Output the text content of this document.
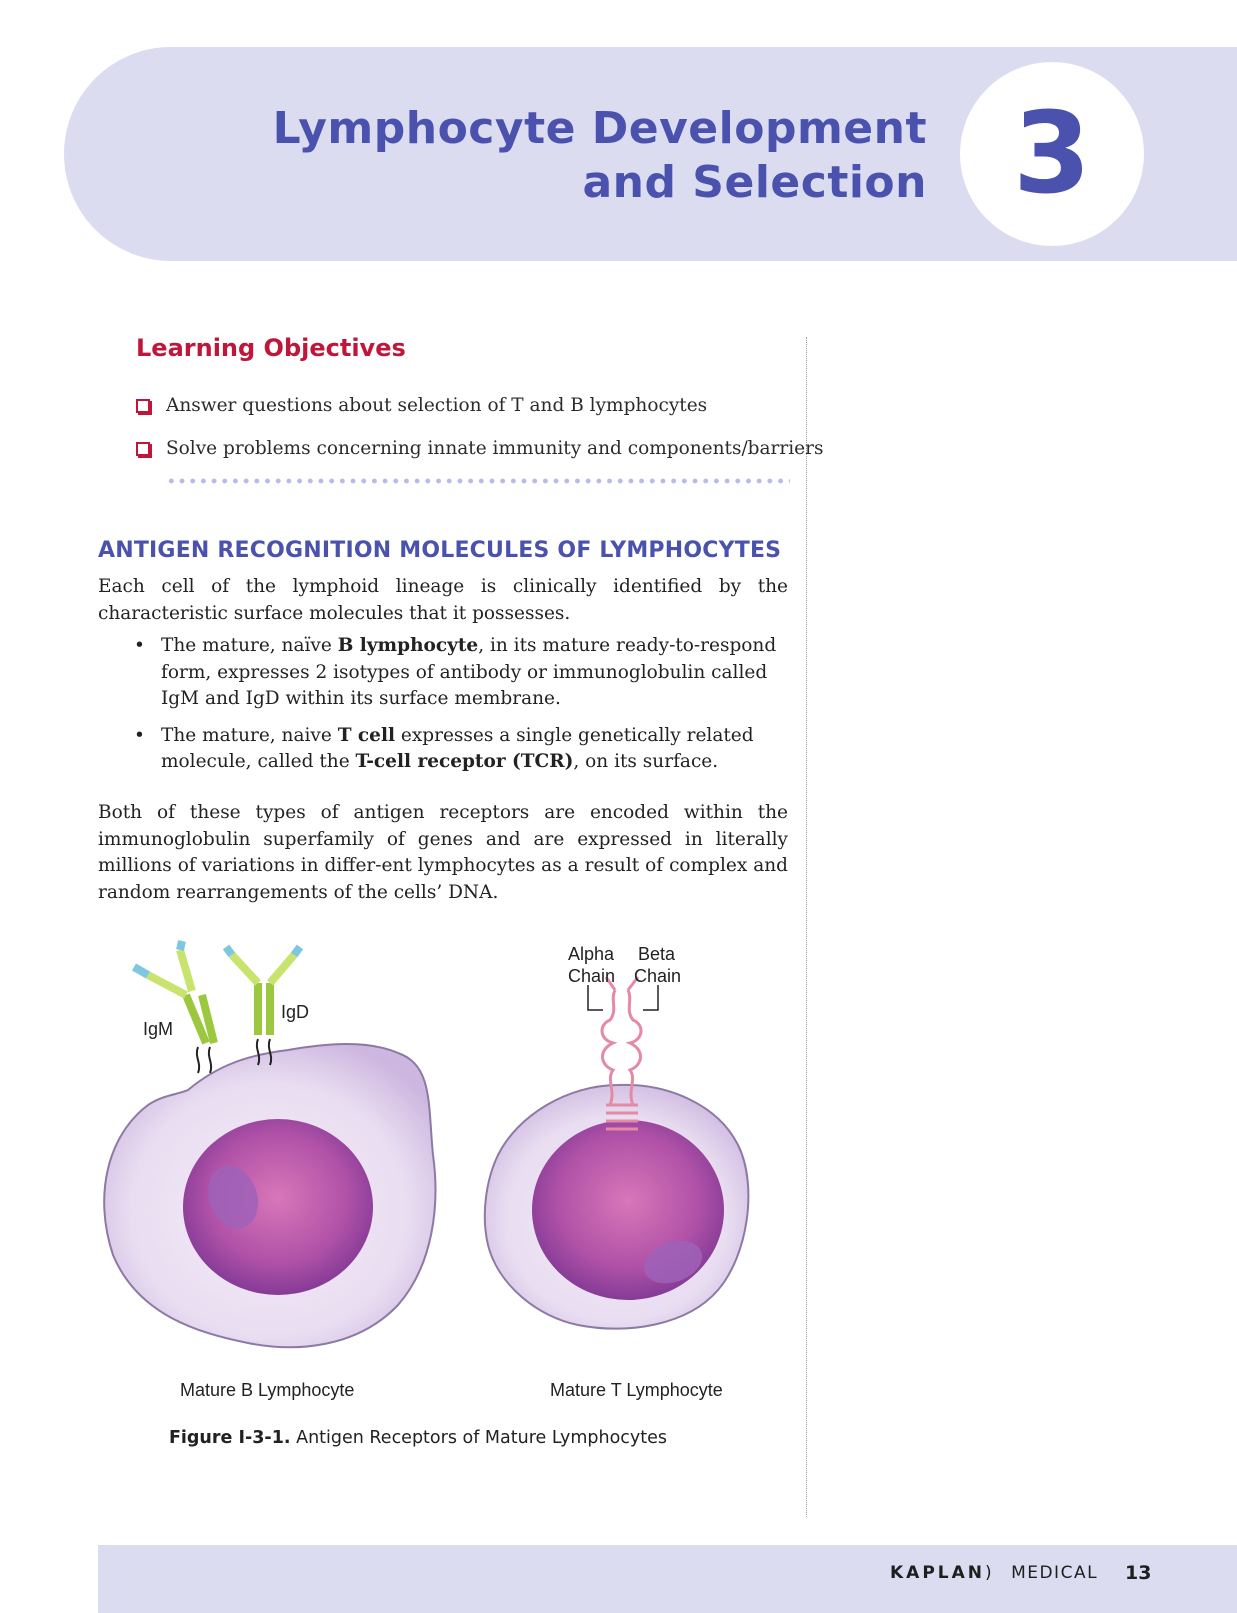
Lymphocyte Development
and Selection 3
Learning Objectives
Answer questions about selection of T and B lymphocytes
Solve problems concerning innate immunity and components/barriers
ANTIGEN RECOGNITION MOLECULES OF LYMPHOCYTES

Each cell of the lymphoid lineage is clinically identified by the characteristic surface molecules that it possesses.

• The mature, naïve B lymphocyte, in its mature ready-to-respond form, expresses 2 isotypes of antibody or immunoglobulin called IgM and IgD within its surface membrane.
• The mature, naive T cell expresses a single genetically related molecule, called the T-cell receptor (TCR), on its surface.

Both of these types of antigen receptors are encoded within the immunoglobulin superfamily of genes and are expressed in literally millions of variations in differ-ent lymphocytes as a result of complex and random rearrangements of the cells’ DNA.

IgM
IgD
Alpha
Chain
Beta
Chain
Mature B Lymphocyte	Mature T Lymphocyte
Figure I-3-1. Antigen Receptors of Mature Lymphocytes
KAPLAN) MEDICAL 13
